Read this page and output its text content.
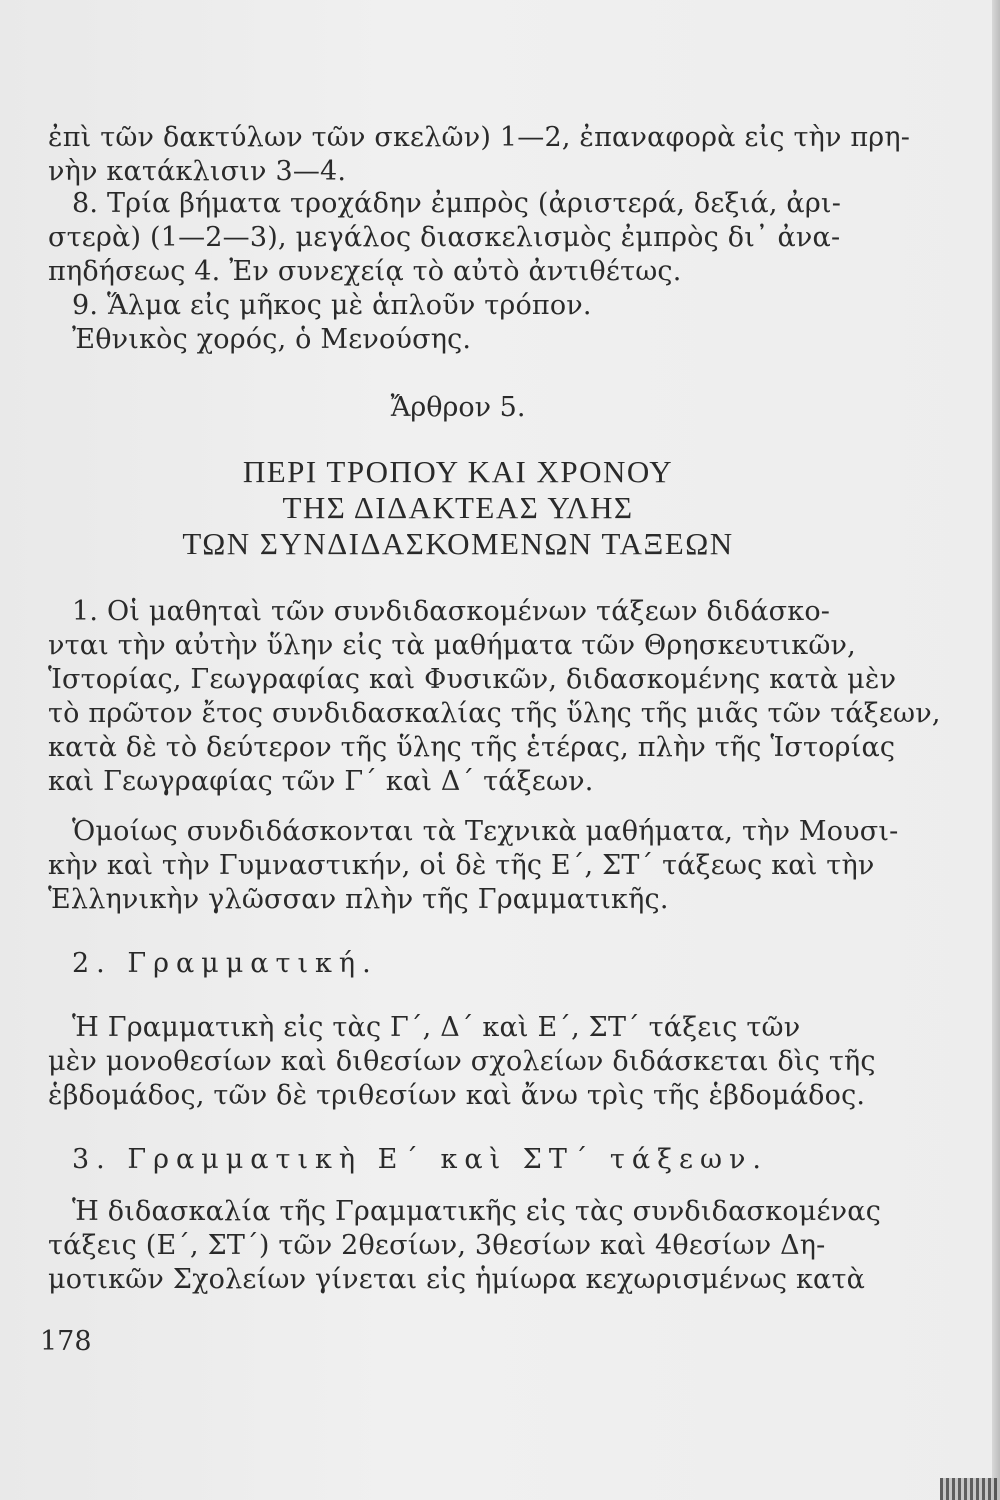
ἐπὶ τῶν δακτύλων τῶν σκελῶν) 1—2, ἐπαναφορὰ εἰς τὴν πρη-
νὴν κατάκλισιν 3—4.
8. Τρία βήματα τροχάδην ἐμπρὸς (ἀριστερά, δεξιά, ἀρι-
στερὰ) (1—2—3), μεγάλος διασκελισμὸς ἐμπρὸς δι᾽ ἀνα-
πηδήσεως 4. Ἐν συνεχείᾳ τὸ αὐτὸ ἀντιθέτως.
9. Ἅλμα εἰς μῆκος μὲ ἁπλοῦν τρόπον.
Ἐθνικὸς χορός, ὁ Μενούσης.
Ἄρθρον 5.
ΠΕΡΙ ΤΡΟΠΟΥ ΚΑΙ ΧΡΟΝΟΥ
ΤΗΣ ΔΙΔΑΚΤΕΑΣ ΥΛΗΣ
ΤΩΝ ΣΥΝΔΙΔΑΣΚΟΜΕΝΩΝ ΤΑΞΕΩΝ
1. Οἱ μαθηταὶ τῶν συνδιδασκομένων τάξεων διδάσκο-
νται τὴν αὐτὴν ὕλην εἰς τὰ μαθήματα τῶν Θρησκευτικῶν,
Ἱστορίας, Γεωγραφίας καὶ Φυσικῶν, διδασκομένης κατὰ μὲν
τὸ πρῶτον ἔτος συνδιδασκαλίας τῆς ὕλης τῆς μιᾶς τῶν τάξεων,
κατὰ δὲ τὸ δεύτερον τῆς ὕλης τῆς ἑτέρας, πλὴν τῆς Ἱστορίας
καὶ Γεωγραφίας τῶν Γ΄ καὶ Δ΄ τάξεων.
Ὁμοίως συνδιδάσκονται τὰ Τεχνικὰ μαθήματα, τὴν Μουσι-
κὴν καὶ τὴν Γυμναστικήν, οἱ δὲ τῆς Ε΄, ΣΤ΄ τάξεως καὶ τὴν
Ἑλληνικὴν γλῶσσαν πλὴν τῆς Γραμματικῆς.
2. Γραμματική.
Ἡ Γραμματικὴ εἰς τὰς Γ΄, Δ΄ καὶ Ε΄, ΣΤ΄ τάξεις τῶν
μὲν μονοθεσίων καὶ διθεσίων σχολείων διδάσκεται δὶς τῆς
ἑβδομάδος, τῶν δὲ τριθεσίων καὶ ἄνω τρὶς τῆς ἑβδομάδος.
3. Γραμματικὴ Ε΄ καὶ ΣΤ΄ τάξεων.
Ἡ διδασκαλία τῆς Γραμματικῆς εἰς τὰς συνδιδασκομένας
τάξεις (Ε΄, ΣΤ΄) τῶν 2θεσίων, 3θεσίων καὶ 4θεσίων Δη-
μοτικῶν Σχολείων γίνεται εἰς ἡμίωρα κεχωρισμένως κατὰ
178
